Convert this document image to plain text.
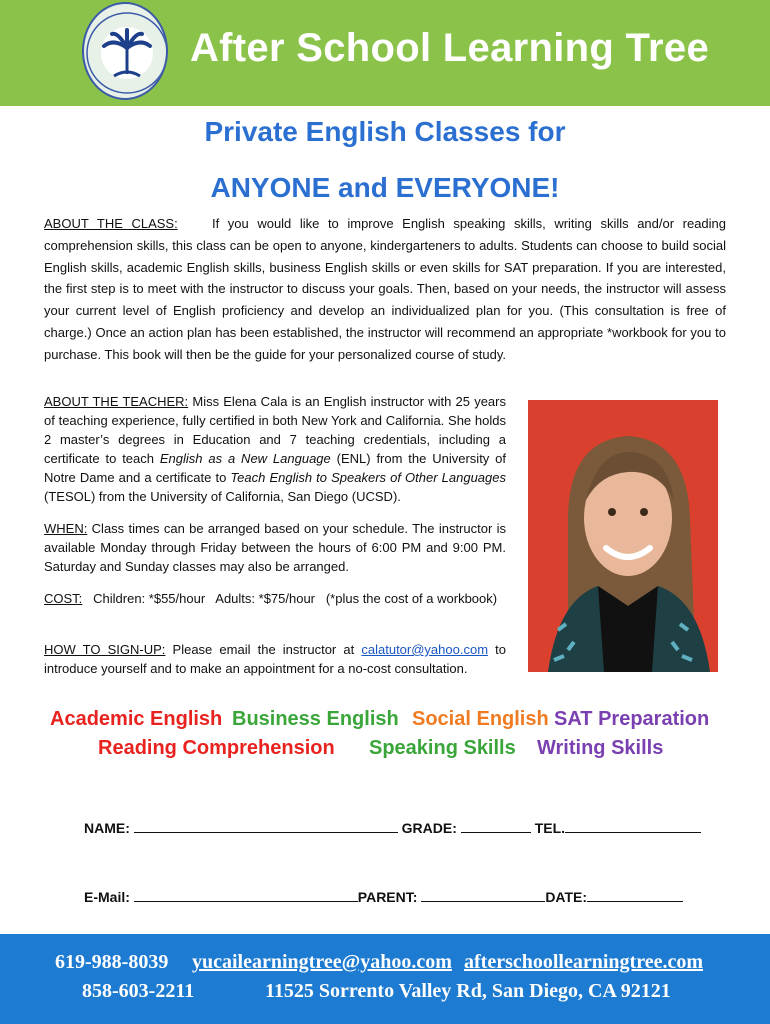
After School Learning Tree
Private English Classes for
ANYONE and EVERYONE!
ABOUT THE CLASS:	If you would like to improve English speaking skills, writing skills and/or reading comprehension skills, this class can be open to anyone, kindergarteners to adults. Students can choose to build social English skills, academic English skills, business English skills or even skills for SAT preparation. If you are interested, the first step is to meet with the instructor to discuss your goals. Then, based on your needs, the instructor will assess your current level of English proficiency and develop an individualized plan for you. (This consultation is free of charge.) Once an action plan has been established, the instructor will recommend an appropriate *workbook for you to purchase. This book will then be the guide for your personalized course of study.
ABOUT THE TEACHER: Miss Elena Cala is an English instructor with 25 years of teaching experience, fully certified in both New York and California. She holds 2 master’s degrees in Education and 7 teaching credentials, including a certificate to teach English as a New Language (ENL) from the University of Notre Dame and a certificate to Teach English to Speakers of Other Languages (TESOL) from the University of California, San Diego (UCSD).
WHEN: Class times can be arranged based on your schedule. The instructor is available Monday through Friday between the hours of 6:00 PM and 9:00 PM. Saturday and Sunday classes may also be arranged.
COST: Children: *$55/hour   Adults: *$75/hour   (*plus the cost of a workbook)
HOW TO SIGN-UP: Please email the instructor at calatutor@yahoo.com to introduce yourself and to make an appointment for a no-cost consultation.
Academic English Business English Social English SAT Preparation
Reading Comprehension Speaking Skills Writing Skills
NAME:	GRADE:	TEL.
E-Mail:	PARENT:	DATE:
619-988-8039 yucailearningtree@yahoo.com afterschoollearningtree.com
858-603-2211	11525 Sorrento Valley Rd, San Diego, CA 92121
